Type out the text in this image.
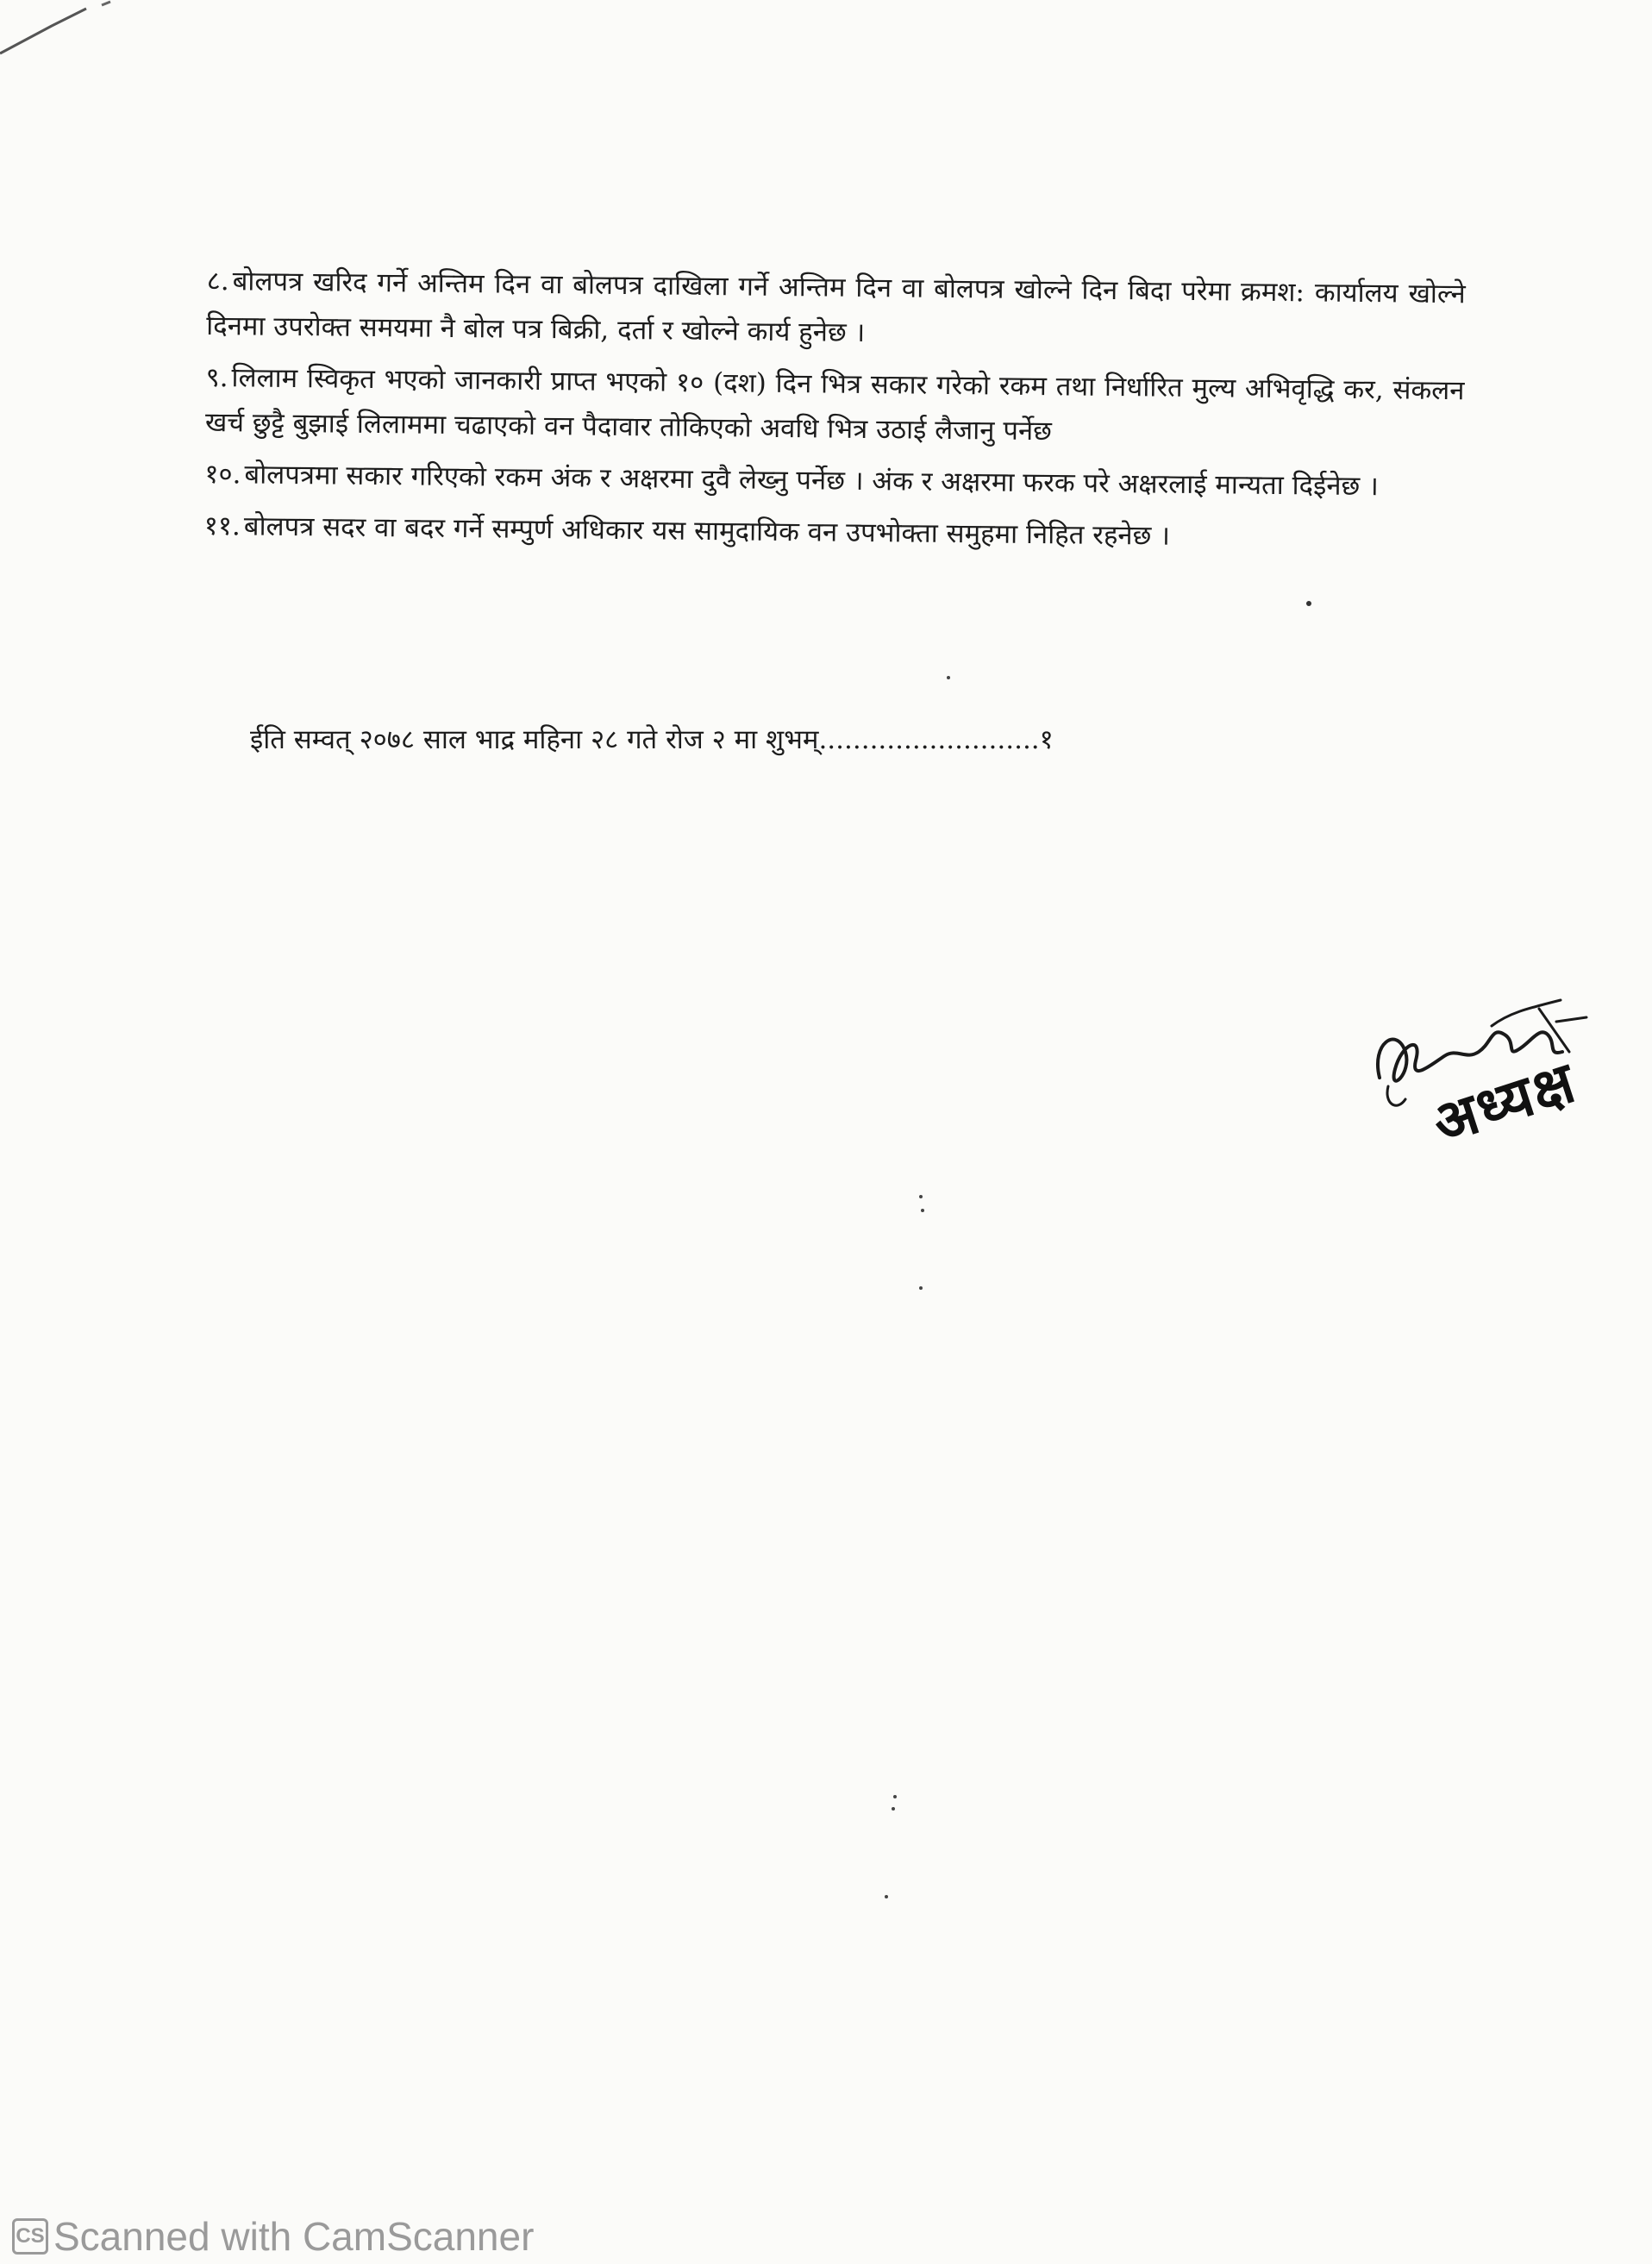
८. बोलपत्र खरिद गर्ने अन्तिम दिन वा बोलपत्र दाखिला गर्ने अन्तिम दिन वा बोलपत्र खोल्ने दिन बिदा परेमा क्रमश: कार्यालय खोल्ने दिनमा उपरोक्त समयमा नै बोल पत्र बिक्री, दर्ता र खोल्ने कार्य हुनेछ ।

९. लिलाम स्विकृत भएको जानकारी प्राप्त भएको १० (दश) दिन भित्र सकार गरेको रकम तथा निर्धारित मुल्य अभिवृद्धि कर, संकलन खर्च छुट्टै बुझाई लिलाममा चढाएको वन पैदावार तोकिएको अवधि भित्र उठाई लैजानु पर्नेछ

१०. बोलपत्रमा सकार गरिएको रकम अंक र अक्षरमा दुवै लेख्नु पर्नेछ । अंक र अक्षरमा फरक परे अक्षरलाई मान्यता दिईनेछ ।

११. बोलपत्र सदर वा बदर गर्ने सम्पुर्ण अधिकार यस सामुदायिक वन उपभोक्ता समुहमा निहित रहनेछ ।

ईति सम्वत् २०७८ साल भाद्र महिना २८ गते रोज २ मा शुभम्..........................१
अध्यक्ष
CS Scanned with CamScanner
